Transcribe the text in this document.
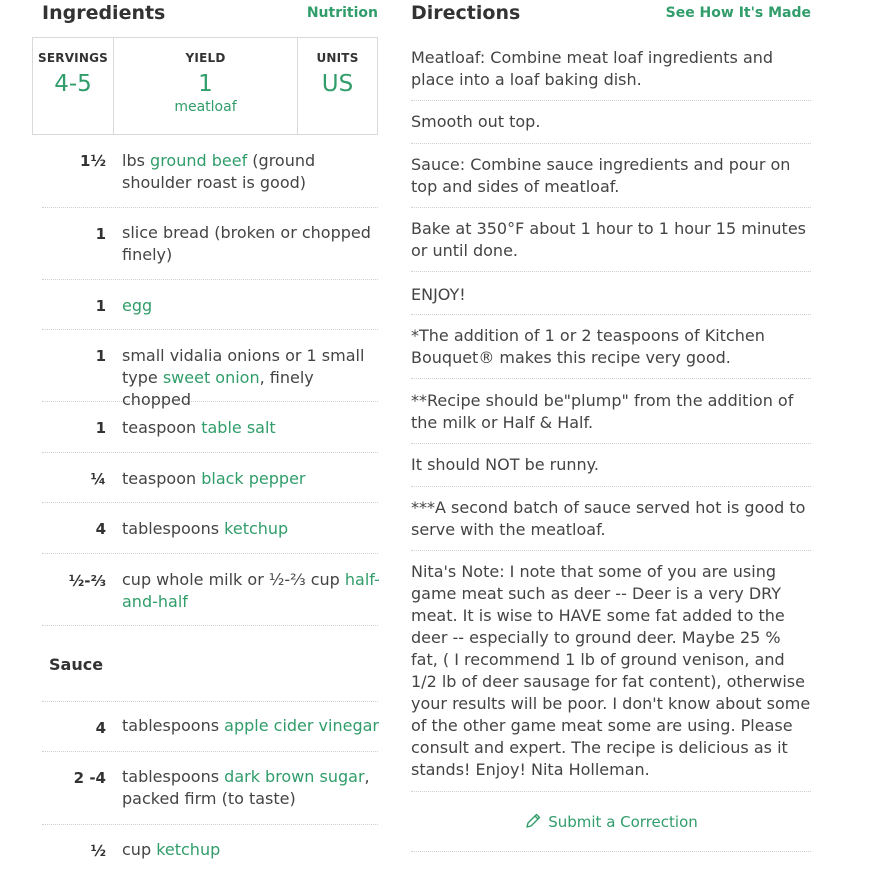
Ingredients	Nutrition
SERVINGS
4-5
YIELD
1
meatloaf
UNITS
US
1½ lbs ground beef (ground shoulder roast is good)
1 slice bread (broken or chopped finely)
1 egg
1 small vidalia onions or 1 small type sweet onion, finely chopped
1 teaspoon table salt
¼ teaspoon black pepper
4 tablespoons ketchup
½-⅔ cup whole milk or ½-⅔ cup half-and-half
Sauce
4 tablespoons apple cider vinegar
2 -4 tablespoons dark brown sugar, packed firm (to taste)
½ cup ketchup
Directions	See How It's Made
Meatloaf: Combine meat loaf ingredients and place into a loaf baking dish.
Smooth out top.
Sauce: Combine sauce ingredients and pour on top and sides of meatloaf.
Bake at 350°F about 1 hour to 1 hour 15 minutes or until done.
ENJOY!
*The addition of 1 or 2 teaspoons of Kitchen Bouquet® makes this recipe very good.
**Recipe should be"plump" from the addition of the milk or Half & Half.
It should NOT be runny.
***A second batch of sauce served hot is good to serve with the meatloaf.
Nita's Note: I note that some of you are using game meat such as deer -- Deer is a very DRY meat. It is wise to HAVE some fat added to the deer -- especially to ground deer. Maybe 25 % fat, ( I recommend 1 lb of ground venison, and 1/2 lb of deer sausage for fat content), otherwise your results will be poor. I don't know about some of the other game meat some are using. Please consult and expert. The recipe is delicious as it stands! Enjoy! Nita Holleman.
Submit a Correction
